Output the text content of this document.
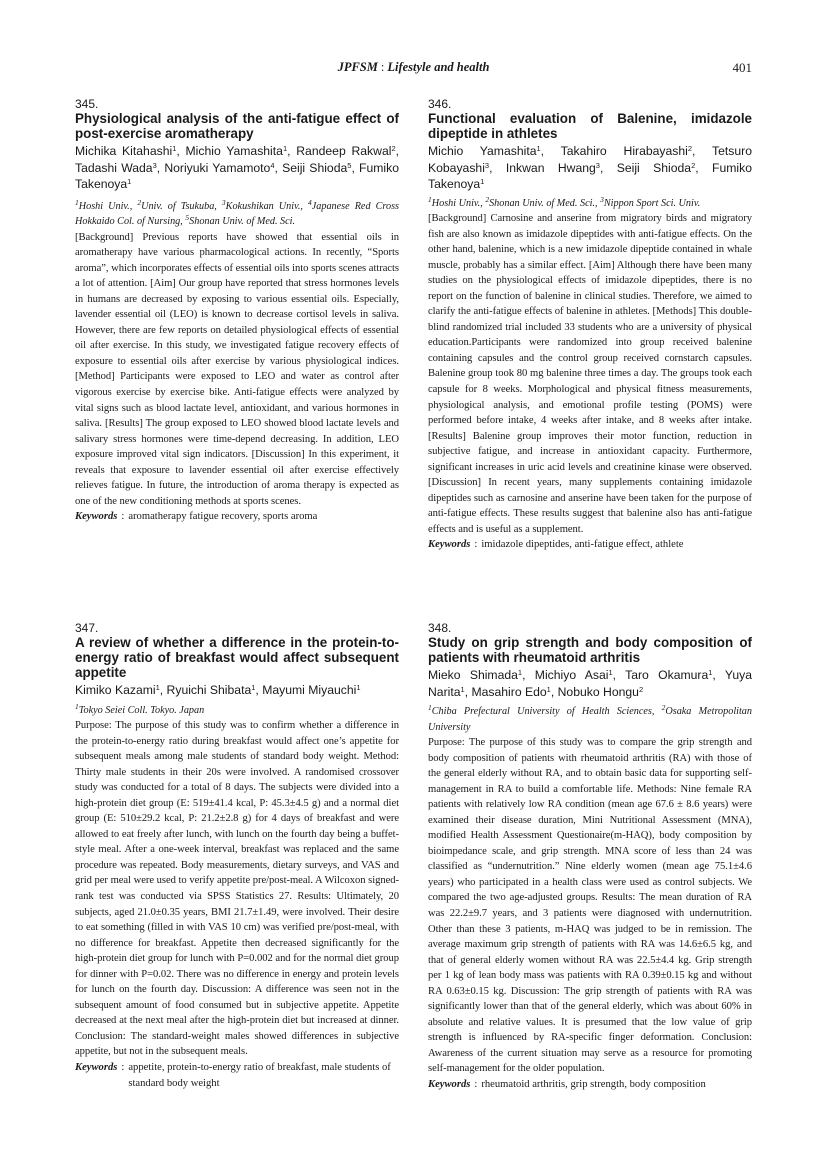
JPFSM : Lifestyle and health	401
345.
Physiological analysis of the anti-fatigue effect of post-exercise aromatherapy
Michika Kitahashi$^1$, Michio Yamashita$^1$, Randeep Rakwal$^2$, Tadashi Wada$^3$, Noriyuki Yamamoto$^4$, Seiji Shioda$^5$, Fumiko Takenoya$^1$
$^1$Hoshi Univ., $^2$Univ. of Tsukuba, $^3$Kokushikan Univ., $^4$Japanese Red Cross Hokkaido Col. of Nursing, $^5$Shonan Univ. of Med. Sci.
[Background] Previous reports have showed that essential oils in aromatherapy have various pharmacological actions. In recently, “Sports aroma”, which incorporates effects of essential oils into sports scenes attracts a lot of attention. [Aim] Our group have reported that stress hormones levels in humans are decreased by exposing to various essential oils. Especially, lavender essential oil (LEO) is known to decrease cortisol levels in saliva. However, there are few reports on detailed physiological effects of essential oil after exercise. In this study, we investigated fatigue recovery effects of exposure to essential oils after exercise by various physiological indices. [Method] Participants were exposed to LEO and water as control after vigorous exercise by exercise bike. Anti-fatigue effects were analyzed by vital signs such as blood lactate level, antioxidant, and various hormones in saliva. [Results] The group exposed to LEO showed blood lactate levels and salivary stress hormones were time-depend decreasing. In addition, LEO exposure improved vital sign indicators. [Discussion] In this experiment, it reveals that exposure to lavender essential oil after exercise effectively relieves fatigue. In future, the introduction of aroma therapy is expected as one of the new conditioning methods at sports scenes.
Keywords : aromatherapy fatigue recovery, sports aroma
346.
Functional evaluation of Balenine, imidazole dipeptide in athletes
Michio Yamashita$^1$, Takahiro Hirabayashi$^2$, Tetsuro Kobayashi$^3$, Inkwan Hwang$^3$, Seiji Shioda$^2$, Fumiko Takenoya$^1$
$^1$Hoshi Univ., $^2$Shonan Univ. of Med. Sci., $^3$Nippon Sport Sci. Univ.
[Background] Carnosine and anserine from migratory birds and migratory fish are also known as imidazole dipeptides with anti-fatigue effects. On the other hand, balenine, which is a new imidazole dipeptide contained in whale muscle, probably has a similar effect. [Aim] Although there have been many studies on the physiological effects of imidazole dipeptides, there is no report on the function of balenine in clinical studies. Therefore, we aimed to clarify the anti-fatigue effects of balenine in athletes. [Methods] This double-blind randomized trial included 33 students who are a university of physical education.Participants were randomized into group received balenine containing capsules and the control group received cornstarch capsules. Balenine group took 80 mg balenine three times a day. The groups took each capsule for 8 weeks. Morphological and physical fitness measurements, physiological analysis, and emotional profile testing (POMS) were performed before intake, 4 weeks after intake, and 8 weeks after intake. [Results] Balenine group improves their motor function, reduction in subjective fatigue, and increase in antioxidant capacity. Furthermore, significant increases in uric acid levels and creatinine kinase were observed. [Discussion] In recent years, many supplements containing imidazole dipeptides such as carnosine and anserine have been taken for the purpose of anti-fatigue effects. These results suggest that balenine also has anti-fatigue effects and is useful as a supplement.
Keywords : imidazole dipeptides, anti-fatigue effect, athlete
347.
A review of whether a difference in the protein-to-energy ratio of breakfast would affect subsequent appetite
Kimiko Kazami$^1$, Ryuichi Shibata$^1$, Mayumi Miyauchi$^1$
$^1$Tokyo Seiei Coll. Tokyo. Japan
Purpose: The purpose of this study was to confirm whether a difference in the protein-to-energy ratio during breakfast would affect one’s appetite for subsequent meals among male students of standard body weight. Method: Thirty male students in their 20s were involved. A randomised crossover study was conducted for a total of 8 days. The subjects were divided into a high-protein diet group (E: 519±41.4 kcal, P: 45.3±4.5 g) and a normal diet group (E: 510±29.2 kcal, P: 21.2±2.8 g) for 4 days of breakfast and were allowed to eat freely after lunch, with lunch on the fourth day being a buffet-style meal. After a one-week interval, breakfast was replaced and the same procedure was repeated. Body measurements, dietary surveys, and VAS and grid per meal were used to verify appetite pre/post-meal. A Wilcoxon signed-rank test was conducted via SPSS Statistics 27. Results: Ultimately, 20 subjects, aged 21.0±0.35 years, BMI 21.7±1.49, were involved. Their desire to eat something (filled in with VAS 10 cm) was verified pre/post-meal, with no difference for breakfast. Appetite then decreased significantly for the high-protein diet group for lunch with P=0.002 and for the normal diet group for dinner with P=0.02. There was no difference in energy and protein levels for lunch on the fourth day. Discussion: A difference was seen not in the subsequent amount of food consumed but in subjective appetite. Appetite decreased at the next meal after the high-protein diet but increased at dinner. Conclusion: The standard-weight males showed differences in subjective appetite, but not in the subsequent meals.
Keywords : appetite, protein-to-energy ratio of breakfast, male students of standard body weight
348.
Study on grip strength and body composition of patients with rheumatoid arthritis
Mieko Shimada$^1$, Michiyo Asai$^1$, Taro Okamura$^1$, Yuya Narita$^1$, Masahiro Edo$^1$, Nobuko Hongu$^2$
$^1$Chiba Prefectural University of Health Sciences, $^2$Osaka Metropolitan University
Purpose: The purpose of this study was to compare the grip strength and body composition of patients with rheumatoid arthritis (RA) with those of the general elderly without RA, and to obtain basic data for supporting self-management in RA to build a comfortable life. Methods: Nine female RA patients with relatively low RA condition (mean age 67.6 ± 8.6 years) were examined their disease duration, Mini Nutritional Assessment (MNA), modified Health Assessment Questionaire(m-HAQ), body composition by bioimpedance scale, and grip strength. MNA score of less than 24 was classified as “undernutrition.” Nine elderly women (mean age 75.1±4.6 years) who participated in a health class were used as control subjects. We compared the two age-adjusted groups. Results: The mean duration of RA was 22.2±9.7 years, and 3 patients were diagnosed with undernutrition. Other than these 3 patients, m-HAQ was judged to be in remission. The average maximum grip strength of patients with RA was 14.6±6.5 kg, and that of general elderly women without RA was 22.5±4.4 kg. Grip strength per 1 kg of lean body mass was patients with RA 0.39±0.15 kg and without RA 0.63±0.15 kg. Discussion: The grip strength of patients with RA was significantly lower than that of the general elderly, which was about 60% in absolute and relative values. It is presumed that the low value of grip strength is influenced by RA-specific finger deformation. Conclusion: Awareness of the current situation may serve as a resource for promoting self-management for the older population.
Keywords : rheumatoid arthritis, grip strength, body composition
